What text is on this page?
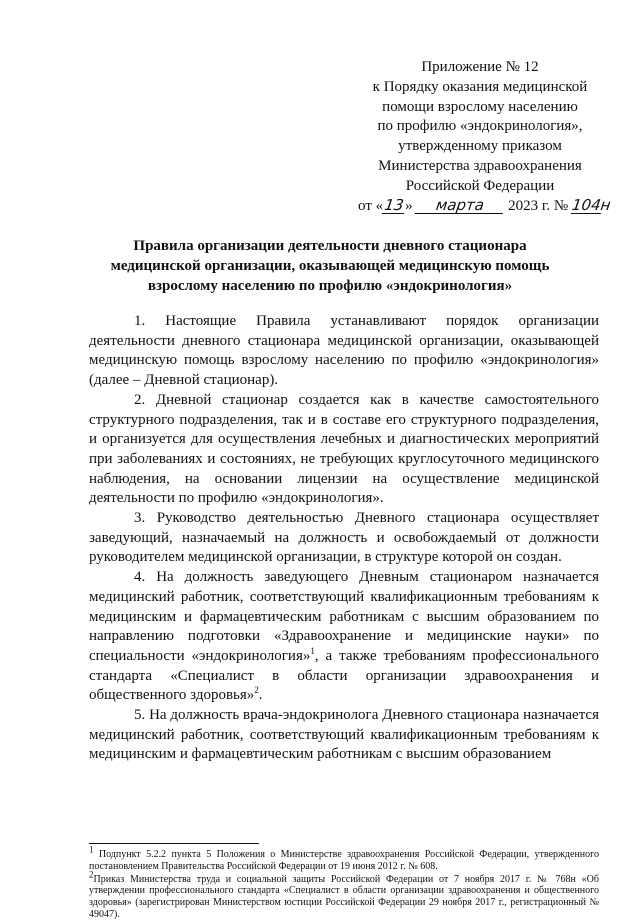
Приложение № 12
к Порядку оказания медицинской
помощи взрослому населению
по профилю «эндокринология»,
утвержденному приказом
Министерства здравоохранения
Российской Федерации
от «13» марта 2023 г. № 104н
Правила организации деятельности дневного стационара
медицинской организации, оказывающей медицинскую помощь
взрослому населению по профилю «эндокринология»

1. Настоящие Правила устанавливают порядок организации деятельности дневного стационара медицинской организации, оказывающей медицинскую помощь взрослому населению по профилю «эндокринология» (далее – Дневной стационар).

2. Дневной стационар создается как в качестве самостоятельного структурного подразделения, так и в составе его структурного подразделения, и организуется для осуществления лечебных и диагностических мероприятий при заболеваниях и состояниях, не требующих круглосуточного медицинского наблюдения, на основании лицензии на осуществление медицинской деятельности по профилю «эндокринология».

3. Руководство деятельностью Дневного стационара осуществляет заведующий, назначаемый на должность и освобождаемый от должности руководителем медицинской организации, в структуре которой он создан.

4. На должность заведующего Дневным стационаром назначается медицинский работник, соответствующий квалификационным требованиям к медицинским и фармацевтическим работникам с высшим образованием по направлению подготовки «Здравоохранение и медицинские науки» по специальности «эндокринология»$^1$, а также требованиям профессионального стандарта «Специалист в области организации здравоохранения и общественного здоровья»$^2$.

5. На должность врача-эндокринолога Дневного стационара назначается медицинский работник, соответствующий квалификационным требованиям к медицинским и фармацевтическим работникам с высшим образованием

$^1$ Подпункт 5.2.2 пункта 5 Положения о Министерстве здравоохранения Российской Федерации, утвержденного постановлением Правительства Российской Федерации от 19 июня 2012 г. № 608.

$^2$Приказ Министерства труда и социальной защиты Российской Федерации от 7 ноября 2017 г. № 768н «Об утверждении профессионального стандарта «Специалист в области организации здравоохранения и общественного здоровья» (зарегистрирован Министерством юстиции Российской Федерации 29 ноября 2017 г., регистрационный № 49047).
